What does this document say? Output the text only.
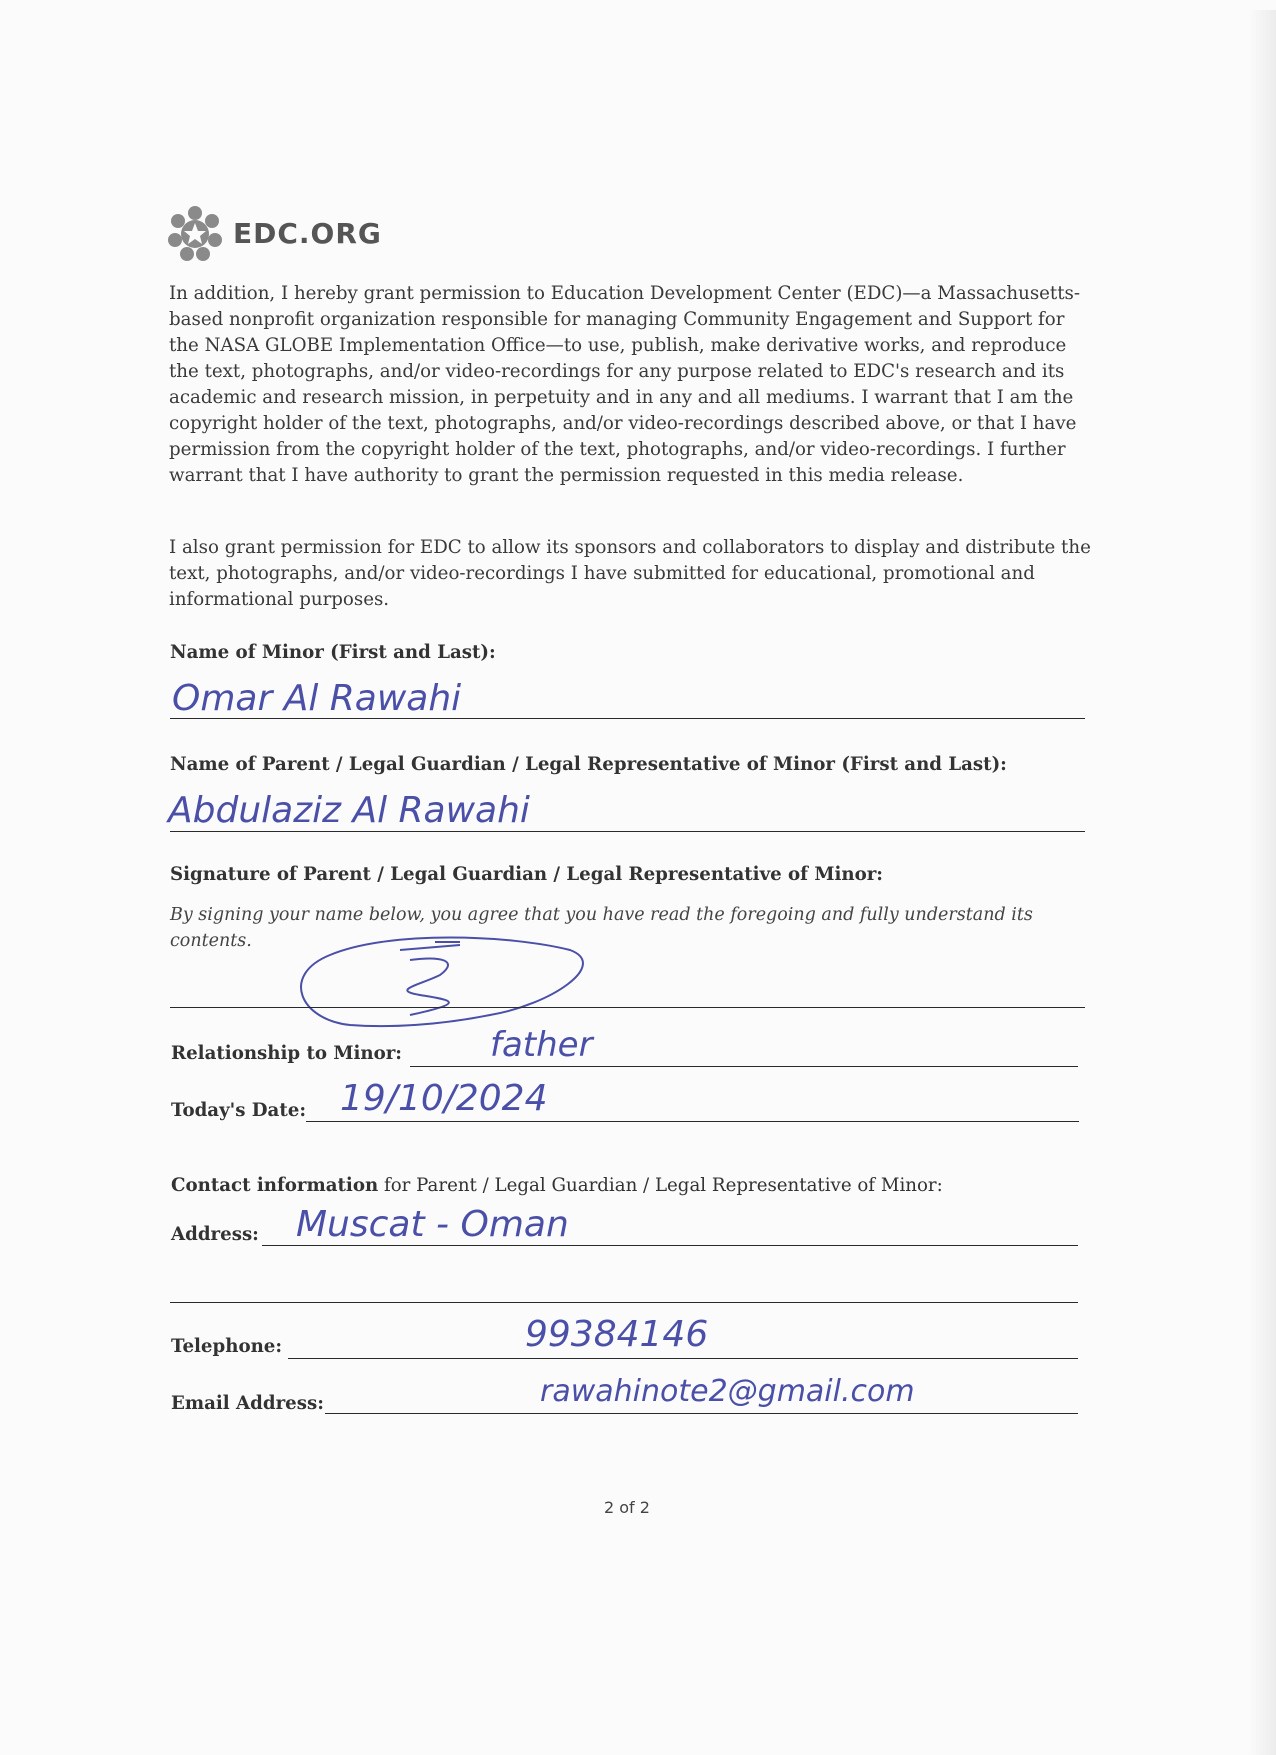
EDC.ORG

In addition, I hereby grant permission to Education Development Center (EDC)—a Massachusetts-based nonprofit organization responsible for managing Community Engagement and Support for the NASA GLOBE Implementation Office—to use, publish, make derivative works, and reproduce the text, photographs, and/or video-recordings for any purpose related to EDC's research and its academic and research mission, in perpetuity and in any and all mediums. I warrant that I am the copyright holder of the text, photographs, and/or video-recordings described above, or that I have permission from the copyright holder of the text, photographs, and/or video-recordings. I further warrant that I have authority to grant the permission requested in this media release.

I also grant permission for EDC to allow its sponsors and collaborators to display and distribute the text, photographs, and/or video-recordings I have submitted for educational, promotional and informational purposes.

Name of Minor (First and Last):
Omar Al Rawahi
Name of Parent / Legal Guardian / Legal Representative of Minor (First and Last):
Abdulaziz Al Rawahi
Signature of Parent / Legal Guardian / Legal Representative of Minor:
By signing your name below, you agree that you have read the foregoing and fully understand its contents.
Relationship to Minor:	father
Today's Date: 19/10/2024
Contact information for Parent / Legal Guardian / Legal Representative of Minor:
Address: Muscat - Oman
Telephone:	99384146
Email Address:	rawahinote2@gmail.com
2 of 2
